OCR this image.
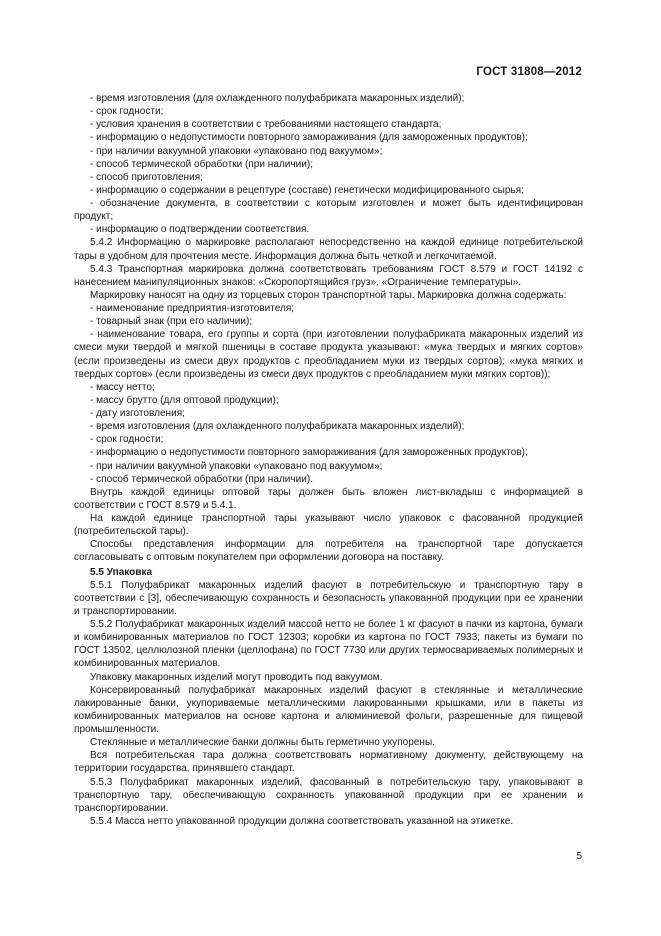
ГОСТ 31808—2012

- время изготовления (для охлажденного полуфабриката макаронных изделий);

- срок годности;

- условия хранения в соответствии с требованиями настоящего стандарта;

- информацию о недопустимости повторного замораживания (для замороженных продуктов);

- при наличии вакуумной упаковки «упаковано под вакуумом»;

- способ термической обработки (при наличии);

- способ приготовления;

- информацию о содержании в рецептуре (составе) генетически модифицированного сырья;

- обозначение документа, в соответствии с которым изготовлен и может быть идентифицирован продукт;

- информацию о подтверждении соответствия.

5.4.2 Информацию о маркировке располагают непосредственно на каждой единице потребительской тары в удобном для прочтения месте. Информация должна быть четкой и легкочитаемой.

5.4.3 Транспортная маркировка должна соответствовать требованиям ГОСТ 8.579 и ГОСТ 14192 с нанесением манипуляционных знаков: «Скоропортящийся груз», «Ограничение температуры».

Маркировку наносят на одну из торцевых сторон транспортной тары. Маркировка должна содержать:

- наименование предприятия-изготовителя;

- товарный знак (при его наличии);

- наименование товара, его группы и сорта (при изготовлении полуфабриката макаронных изделий из смеси муки твердой и мягкой пшеницы в составе продукта указывают: «мука твердых и мягких сортов» (если произведены из смеси двух продуктов с преобладанием муки из твердых сортов); «мука мягких и твердых сортов» (если произведены из смеси двух продуктов с преобладанием муки мягких сортов));

- массу нетто;

- массу брутто (для оптовой продукции);

- дату изготовления;

- время изготовления (для охлажденного полуфабриката макаронных изделий);

- срок годности;

- информацию о недопустимости повторного замораживания (для замороженных продуктов);

- при наличии вакуумной упаковки «упаковано под вакуумом»;

- способ термической обработки (при наличии).

Внутрь каждой единицы оптовой тары должен быть вложен лист-вкладыш с информацией в соответствии с ГОСТ 8.579 и 5.4.1.

На каждой единице транспортной тары указывают число упаковок с фасованной продукцией (потребительской тары).

Способы представления информации для потребителя на транспортной таре допускается согласовывать с оптовым покупателем при оформлении договора на поставку.

5.5 Упаковка

5.5.1 Полуфабрикат макаронных изделий фасуют в потребительскую и транспортную тару в соответствии с [3], обеспечивающую сохранность и безопасность упакованной продукции при ее хранении и транспортировании.

5.5.2 Полуфабрикат макаронных изделий массой нетто не более 1 кг фасуют в пачки из картона, бумаги и комбинированных материалов по ГОСТ 12303; коробки из картона по ГОСТ 7933; пакеты из бумаги по ГОСТ 13502, целлюлозной пленки (целлофана) по ГОСТ 7730 или других термосвариваемых полимерных и комбинированных материалов.

Упаковку макаронных изделий могут проводить под вакуумом.

Консервированный полуфабрикат макаронных изделий фасуют в стеклянные и металлические лакированные банки, укупориваемые металлическими лакированными крышками, или в пакеты из комбинированных материалов на основе картона и алюминиевой фольги, разрешенные для пищевой промышленности.

Стеклянные и металлические банки должны быть герметично укупорены.

Вся потребительская тара должна соответствовать нормативному документу, действующему на территории государства, принявшего стандарт.

5.5.3 Полуфабрикат макаронных изделий, фасованный в потребительскую тару, упаковывают в транспортную тару, обеспечивающую сохранность упакованной продукции при ее хранении и транспортировании.

5.5.4 Масса нетто упакованной продукции должна соответствовать указанной на этикетке.

5
